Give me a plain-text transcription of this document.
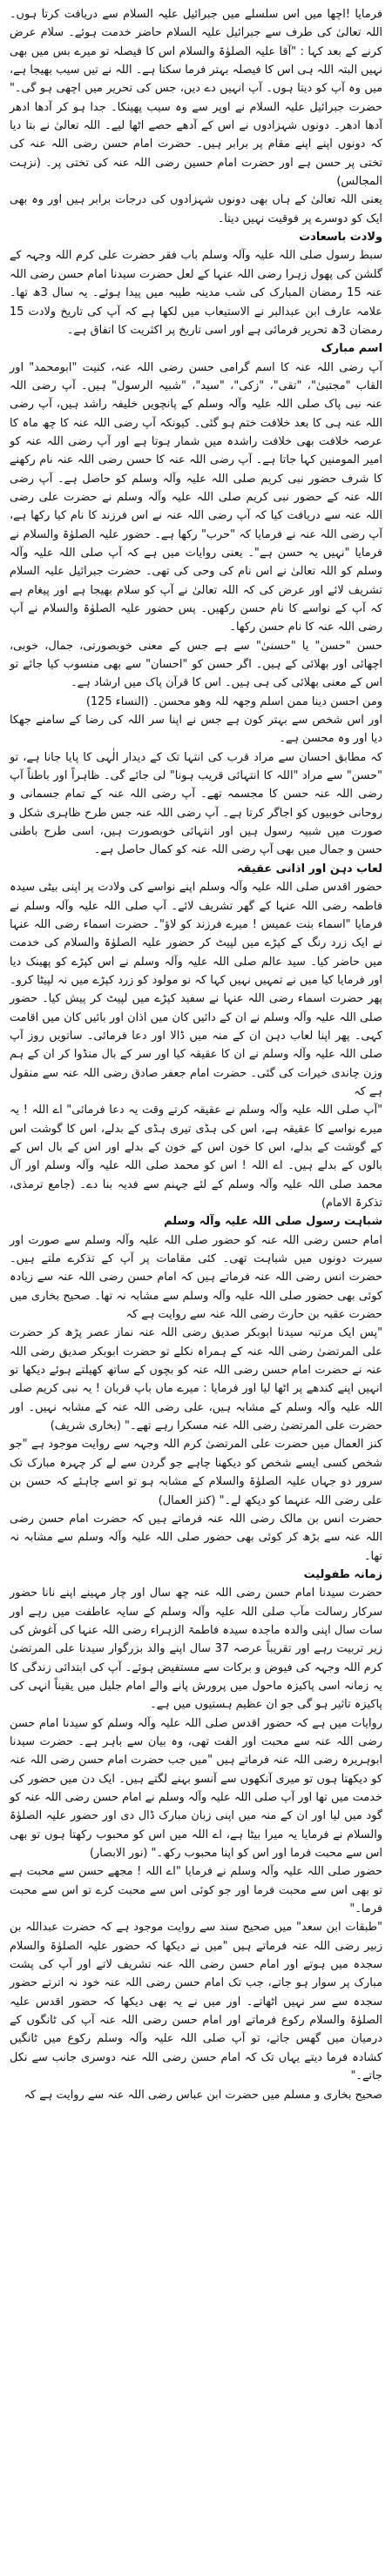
فرمایا !اچھا میں اس سلسلے میں جبرائیل علیہ السلام سے دریافت کرتا ہوں۔ اللہ تعالیٰ کی طرف سے جبرائیل علیہ السلام حاضر خدمت ہوئے۔ سلام عرض کرنے کے بعد کہا : "آقا علیہ الصلوٰۃ والسلام اس کا فیصلہ تو میرے بس میں بھی نہیں البتہ اللہ ہی اس کا فیصلہ بہتر فرما سکتا ہے۔ اللہ نے تیں سیب بھیجا ہے، میں وہ آپ کو دیتا ہوں۔ آپ انہیں دے دیں، جس کی تحریر میں اچھی ہو گی۔" حضرت جبرائیل علیہ السلام نے اوپر سے وہ سیب پھینکا۔ جدا ہو کر آدھا ادھر آدھا ادھر۔ دونوں شہزادوں نے اس کے آدھے حصے اٹھا لیے۔ اللہ تعالیٰ نے بتا دیا کہ دونوں اپنے اپنے مقام پر برابر ہیں۔ حضرت امام حسن رضی اللہ عنہ کی تختی پر حسن ہے اور حضرت امام حسین رضی اللہ عنہ کی تختی پر۔ (نزہت المجالس)

یعنی اللہ تعالیٰ کے ہاں بھی دونوں شہزادوں کی درجات برابر ہیں اور وہ بھی ایک کو دوسرے پر فوقیت نہیں دیتا۔

ولادت باسعادت

سبط رسول صلی اللہ علیہ وآلہ وسلم باب فقر حضرت علی کرم اللہ وجہہ کے گلشن کی پھول زہرا رضی اللہ عنہا کے لعل حضرت سیدنا امام حسن رضی اللہ عنہ 15 رمضان المبارک کی شب مدینہ طیبہ میں پیدا ہوئے۔ یہ سال 3ھ تھا۔ علامہ عارف ابن عبدالبر نے الاستیعاب میں لکھا ہے کہ آپ کی تاریخ ولادت 15 رمضان 3ھ تحریر فرمائی ہے اور اسی تاریخ پر اکثریت کا اتفاق ہے۔

اسم مبارک

آپ رضی اللہ عنہ کا اسم گرامی حسن رضی اللہ عنہ، کنیت "ابومحمد" اور القاب "مجتبیٰ"، "تقی"، "زکی"، "سید"، "شبیہ الرسول" ہیں۔ آپ رضی اللہ عنہ نبی پاک صلی اللہ علیہ وآلہ وسلم کے پانچویں خلیفہ راشد ہیں، آپ رضی اللہ عنہ ہی کا بعد خلافت ختم ہو گئی۔ کیونکہ آپ رضی اللہ عنہ کا چھ ماہ کا عرصہ خلافت بھی خلافت راشدہ میں شمار ہوتا ہے اور آپ رضی اللہ عنہ کو امیر المومنین کہا جاتا ہے۔ آپ رضی اللہ عنہ کا حسن رضی اللہ عنہ نام رکھنے کا شرف حضور نبی کریم صلی اللہ علیہ وآلہ وسلم کو حاصل ہے۔ آپ رضی اللہ عنہ کے حضور نبی کریم صلی اللہ علیہ وآلہ وسلم نے حضرت علی رضی اللہ عنہ سے دریافت کیا کہ آپ رضی اللہ عنہ نے اس فرزند کا نام کیا رکھا ہے، آپ رضی اللہ عنہ نے فرمایا کہ "حرب" رکھا ہے۔ حضور علیہ الصلوٰۃ والسلام نے فرمایا "نہیں یہ حسن ہے"۔ یعنی روایات میں ہے کہ آپ صلی اللہ علیہ وآلہ وسلم کو اللہ تعالیٰ نے اس نام کی وحی کی تھی۔ حضرت جبرائیل علیہ السلام تشریف لائے اور عرض کی کہ اللہ تعالیٰ نے آپ کو سلام بھیجا ہے اور پیغام ہے کہ آپ کے نواسے کا نام حسن رکھیں۔ پس حضور علیہ الصلوٰۃ والسلام نے آپ رضی اللہ عنہ کا نام حسن رکھا۔

حسن "حسن" یا "حسنیٰ" سے ہے جس کے معنی خوبصورتی، جمال، خوبی، اچھائی اور بھلائی کے ہیں۔ اگر حسن کو "احسان" سے بھی منسوب کیا جائے تو اس کے معنی بھلائی کی ہی ہیں۔ اس کا قرآن پاک میں ارشاد ہے۔

ومن احسن دینا ممن اسلم وجھہ للہ وھو محسن۔ (النساء 125)

اور اس شخص سے بہتر کون ہے جس نے اپنا سر اللہ کی رضا کے سامنے جھکا دیا اور وہ محسن ہے۔

کہ مطابق احسان سے مراد قرب کی انتہا تک کے دیدار الٰہی کا پایا جانا ہے، تو "حسن" سے مراد "اللہ کا انتہائی قریب ہونا" لی جائے گی۔ ظاہراً اور باطناً آپ رضی اللہ عنہ حسن کا مجسمہ تھے۔ آپ رضی اللہ عنہ کے تمام جسمانی و روحانی خوبیوں کو اجاگر کرتا ہے۔ آپ رضی اللہ عنہ جس طرح ظاہری شکل و صورت میں شبیہ رسول ہیں اور انتہائی خوبصورت ہیں، اسی طرح باطنی حسن و جمال میں بھی آپ رضی اللہ عنہ کو کمال حاصل ہے۔

لعاب دہن اور اذانی عقیقہ

حضور اقدس صلی اللہ علیہ وآلہ وسلم اپنے نواسے کی ولادت پر اپنی بیٹی سیدہ فاطمہ رضی اللہ عنہا کے گھر تشریف لائے۔ آپ صلی اللہ علیہ وآلہ وسلم نے فرمایا "اسماء بنت عمیس ! میرے فرزند کو لاؤ"۔ حضرت اسماء رضی اللہ عنہا نے ایک زرد رنگ کے کپڑے میں لپیٹ کر حضور علیہ الصلوٰۃ والسلام کی خدمت میں حاضر کیا۔ سید عالم صلی اللہ علیہ وآلہ وسلم نے اس کپڑے کو پھینک دیا اور فرمایا کیا میں نے تمہیں نہیں کہا کہ نو مولود کو زرد کپڑے میں نہ لپیٹا کرو۔ پھر حضرت اسماء رضی اللہ عنہا نے سفید کپڑے میں لپیٹ کر پیش کیا۔ حضور صلی اللہ علیہ وآلہ وسلم نے ان کے دائیں کان میں اذان اور بائیں کان میں اقامت کہی۔ پھر اپنا لعاب دہن ان کے منہ میں ڈالا اور دعا فرمائی۔ ساتویں روز آپ صلی اللہ علیہ وآلہ وسلم نے ان کا عقیقہ کیا اور سر کے بال منڈوا کر ان کے ہم وزن چاندی خیرات کی گئی۔ حضرت امام جعفر صادق رضی اللہ عنہ سے منقول ہے کہ

"آپ صلی اللہ علیہ وآلہ وسلم نے عقیقہ کرتے وقت یہ دعا فرمائی" اے اللہ ! یہ میرے نواسے کا عقیقہ ہے، اس کی ہڈی تیری ہڈی کے بدلے، اس کا گوشت اس کے گوشت کے بدلے، اس کا خون اس کے خون کے بدلے اور اس کے بال اس کے بالوں کے بدلے ہیں۔ اے اللہ ! اس کو محمد صلی اللہ علیہ وآلہ وسلم اور آل محمد صلی اللہ علیہ وآلہ وسلم کے لئے جہنم سے فدیہ بنا دے۔ (جامع ترمذی، تذکرۃ الامام)

شباہت رسول صلی اللہ علیہ وآلہ وسلم

امام حسن رضی اللہ عنہ کو حضور صلی اللہ علیہ وآلہ وسلم سے صورت اور سیرت دونوں میں شباہت تھی۔ کئی مقامات پر آپ کے تذکرے ملتے ہیں۔ حضرت انس رضی اللہ عنہ فرماتے ہیں کہ امام حسن رضی اللہ عنہ سے زیادہ کوئی بھی حضور صلی اللہ علیہ وآلہ وسلم سے مشابہ نہ تھا۔ صحیح بخاری میں حضرت عقبہ بن حارث رضی اللہ عنہ سے روایت ہے کہ

"پس ایک مرتبہ سیدنا ابوبکر صدیق رضی اللہ عنہ نماز عصر پڑھ کر حضرت علی المرتضیٰ رضی اللہ عنہ کے ہمراہ نکلے تو حضرت ابوبکر صدیق رضی اللہ عنہ نے حضرت امام حسن رضی اللہ عنہ کو بچوں کے ساتھ کھیلتے ہوئے دیکھا تو انہیں اپنے کندھے پر اٹھا لیا اور فرمایا : میرے ماں باپ قربان ! یہ نبی کریم صلی اللہ علیہ وآلہ وسلم کے مشابہ ہیں، علی رضی اللہ عنہ کے مشابہ نہیں۔ اور حضرت علی المرتضیٰ رضی اللہ عنہ مسکرا رہے تھے۔" (بخاری شریف)

کنز العمال میں حضرت علی المرتضیٰ کرم اللہ وجہہ سے روایت موجود ہے "جو شخص کسی ایسے شخص کو دیکھنا چاہے جو گردن سے لے کر چہرہ مبارک تک سرور دو جہاں علیہ الصلوٰۃ والسلام کے مشابہ ہو تو اسے چاہئے کہ حسن بن علی رضی اللہ عنہما کو دیکھ لے۔" (کنز العمال)

حضرت انس بن مالک رضی اللہ عنہ فرماتے ہیں کہ حضرت امام حسن رضی اللہ عنہ سے بڑھ کر کوئی بھی حضور صلی اللہ علیہ وآلہ وسلم سے مشابہ نہ تھا۔

زمانہ طفولیت

حضرت سیدنا امام حسن رضی اللہ عنہ چھ سال اور چار مہینے اپنے نانا حضور سرکار رسالت مآب صلی اللہ علیہ وآلہ وسلم کے سایہ عاطفت میں رہے اور سات سال اپنی والدہ ماجدہ سیدہ فاطمۃ الزہراء رضی اللہ عنہا کی آغوش کی زیر تربیت رہے اور تقریباً عرصہ 37 سال اپنے والد بزرگوار سیدنا علی المرتضیٰ کرم اللہ وجہہ کی فیوض و برکات سے مستفیض ہوئے۔ آپ کی ابتدائی زندگی کا یہ زمانہ اسی پاکیزہ ماحول میں پرورش پانے والے امام جلیل میں یقیناً انہی کی پاکیزہ تاثیر ہو گی جو ان عظیم ہستیوں میں ہے۔

روایات میں ہے کہ حضور اقدس صلی اللہ علیہ وآلہ وسلم کو سیدنا امام حسن رضی اللہ عنہ سے محبت اور الفت تھی، وہ بیان سے باہر ہے۔ حضرت سیدنا ابوہریرہ رضی اللہ عنہ فرماتے ہیں "میں جب حضرت امام حسن رضی اللہ عنہ کو دیکھتا ہوں تو میری آنکھوں سے آنسو بہنے لگتے ہیں۔ ایک دن میں حضور کی خدمت میں تھا اور آپ صلی اللہ علیہ وآلہ وسلم نے امام حسن رضی اللہ عنہ کو گود میں لیا اور ان کے منہ میں اپنی زبان مبارک ڈال دی اور حضور علیہ الصلوٰۃ والسلام نے فرمایا یہ میرا بیٹا ہے، اے اللہ میں اس کو محبوب رکھتا ہوں تو بھی اس سے محبت فرما اور اس کو اپنا محبوب رکھ۔" (نور الابصار)

حضور صلی اللہ علیہ وآلہ وسلم نے فرمایا "اے اللہ ! مجھے حسن سے محبت ہے تو بھی اس سے محبت فرما اور جو کوئی اس سے محبت کرے تو اس سے محبت فرما۔"

"طبقات ابن سعد" میں صحیح سند سے روایت موجود ہے کہ حضرت عبداللہ بن زبیر رضی اللہ عنہ فرماتے ہیں "میں نے دیکھا کہ حضور علیہ الصلوٰۃ والسلام سجدہ میں ہوتے اور امام حسن رضی اللہ عنہ تشریف لاتے اور آپ کی پشت مبارک پر سوار ہو جاتے، جب تک امام حسن رضی اللہ عنہ خود نہ اترتے حضور سجدہ سے سر نہیں اٹھاتے۔ اور میں نے یہ بھی دیکھا کہ حضور اقدس علیہ الصلوٰۃ والسلام رکوع فرماتے اور امام حسن رضی اللہ عنہ آپ کی ٹانگوں کے درمیان میں گھس جاتے، تو آپ صلی اللہ علیہ وآلہ وسلم رکوع میں ٹانگیں کشادہ فرما دیتے یہاں تک کہ امام حسن رضی اللہ عنہ دوسری جانب سے نکل جاتے۔"

صحیح بخاری و مسلم میں حضرت ابن عباس رضی اللہ عنہ سے روایت ہے کہ
